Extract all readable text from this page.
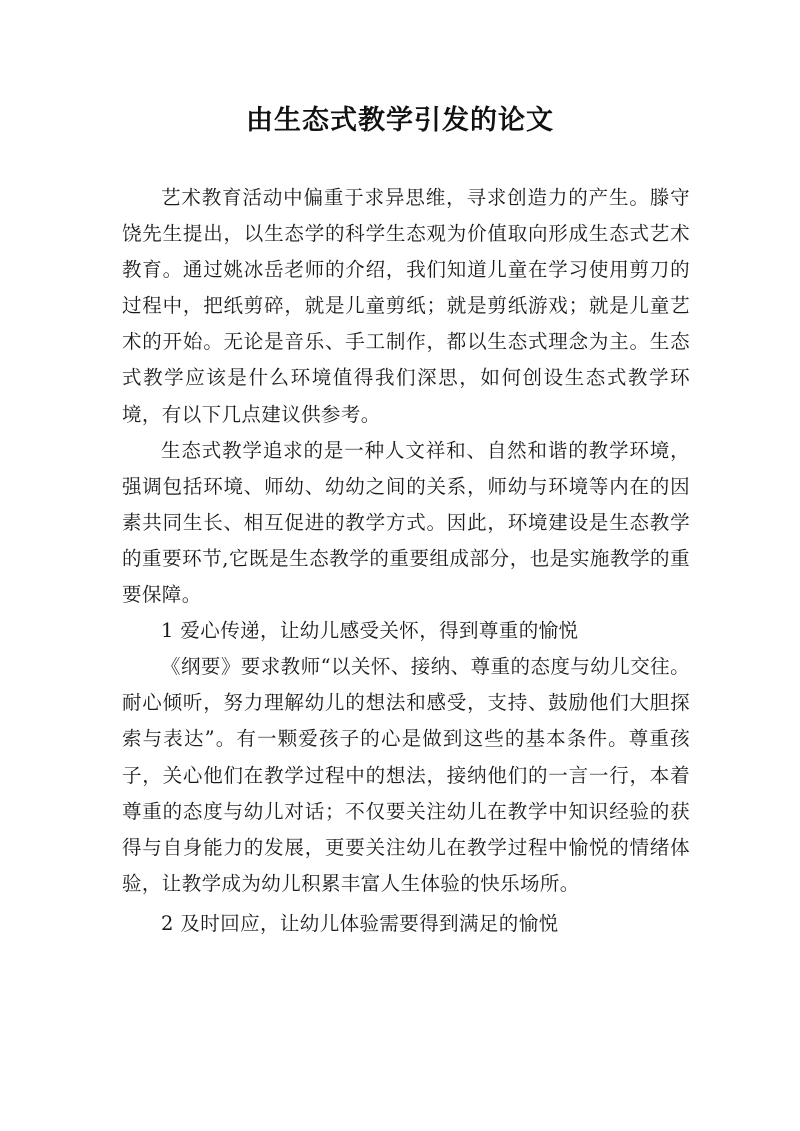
由生态式教学引发的论文

艺术教育活动中偏重于求异思维，寻求创造力的产生。滕守饶先生提出，以生态学的科学生态观为价值取向形成生态式艺术教育。通过姚冰岳老师的介绍，我们知道儿童在学习使用剪刀的过程中，把纸剪碎，就是儿童剪纸；就是剪纸游戏；就是儿童艺术的开始。无论是音乐、手工制作，都以生态式理念为主。生态式教学应该是什么环境值得我们深思，如何创设生态式教学环境，有以下几点建议供参考。

生态式教学追求的是一种人文祥和、自然和谐的教学环境，强调包括环境、师幼、幼幼之间的关系，师幼与环境等内在的因素共同生长、相互促进的教学方式。因此，环境建设是生态教学的重要环节,它既是生态教学的重要组成部分，也是实施教学的重要保障。

1 爱心传递，让幼儿感受关怀，得到尊重的愉悦

《纲要》要求教师“以关怀、接纳、尊重的态度与幼儿交往。耐心倾听，努力理解幼儿的想法和感受，支持、鼓励他们大胆探索与表达”。有一颗爱孩子的心是做到这些的基本条件。尊重孩子，关心他们在教学过程中的想法，接纳他们的一言一行，本着尊重的态度与幼儿对话；不仅要关注幼儿在教学中知识经验的获得与自身能力的发展，更要关注幼儿在教学过程中愉悦的情绪体验，让教学成为幼儿积累丰富人生体验的快乐场所。

2 及时回应，让幼儿体验需要得到满足的愉悦
